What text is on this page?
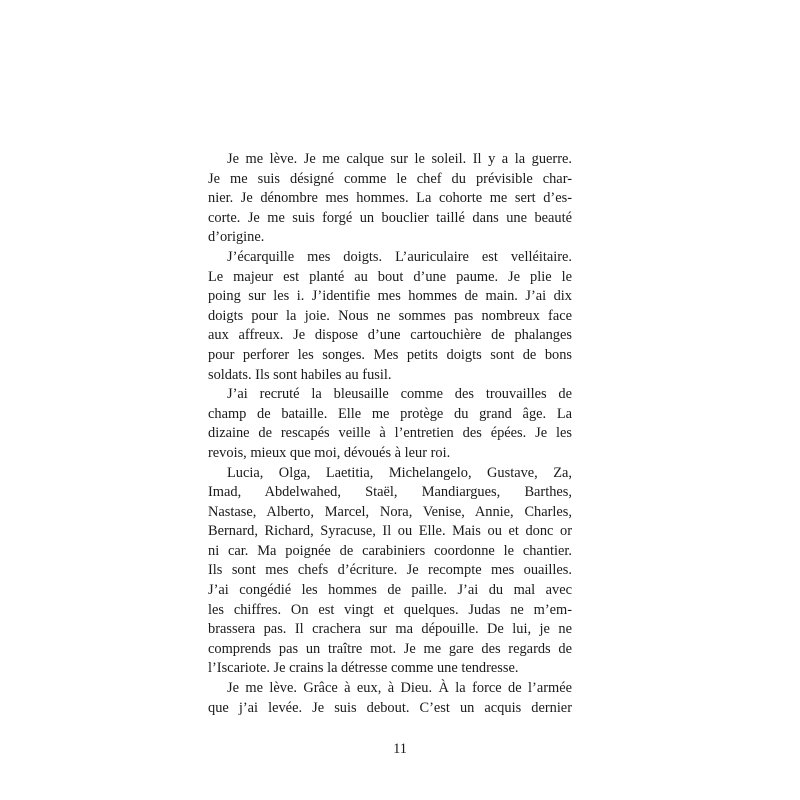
Je me lève. Je me calque sur le soleil. Il y a la guerre.
Je me suis désigné comme le chef du prévisible char-
nier. Je dénombre mes hommes. La cohorte me sert d’es-
corte. Je me suis forgé un bouclier taillé dans une beauté
d’origine.
J’écarquille mes doigts. L’auriculaire est velléitaire.
Le majeur est planté au bout d’une paume. Je plie le
poing sur les i. J’identifie mes hommes de main. J’ai dix
doigts pour la joie. Nous ne sommes pas nombreux face
aux affreux. Je dispose d’une cartouchière de phalanges
pour perforer les songes. Mes petits doigts sont de bons
soldats. Ils sont habiles au fusil.
J’ai recruté la bleusaille comme des trouvailles de
champ de bataille. Elle me protège du grand âge. La
dizaine de rescapés veille à l’entretien des épées. Je les
revois, mieux que moi, dévoués à leur roi.
Lucia, Olga, Laetitia, Michelangelo, Gustave, Za,
Imad, Abdelwahed, Staël, Mandiargues, Barthes,
Nastase, Alberto, Marcel, Nora, Venise, Annie, Charles,
Bernard, Richard, Syracuse, Il ou Elle. Mais ou et donc or
ni car. Ma poignée de carabiniers coordonne le chantier.
Ils sont mes chefs d’écriture. Je recompte mes ouailles.
J’ai congédié les hommes de paille. J’ai du mal avec
les chiffres. On est vingt et quelques. Judas ne m’em-
brassera pas. Il crachera sur ma dépouille. De lui, je ne
comprends pas un traître mot. Je me gare des regards de
l’Iscariote. Je crains la détresse comme une tendresse.
Je me lève. Grâce à eux, à Dieu. À la force de l’armée
que j’ai levée. Je suis debout. C’est un acquis dernier
11
